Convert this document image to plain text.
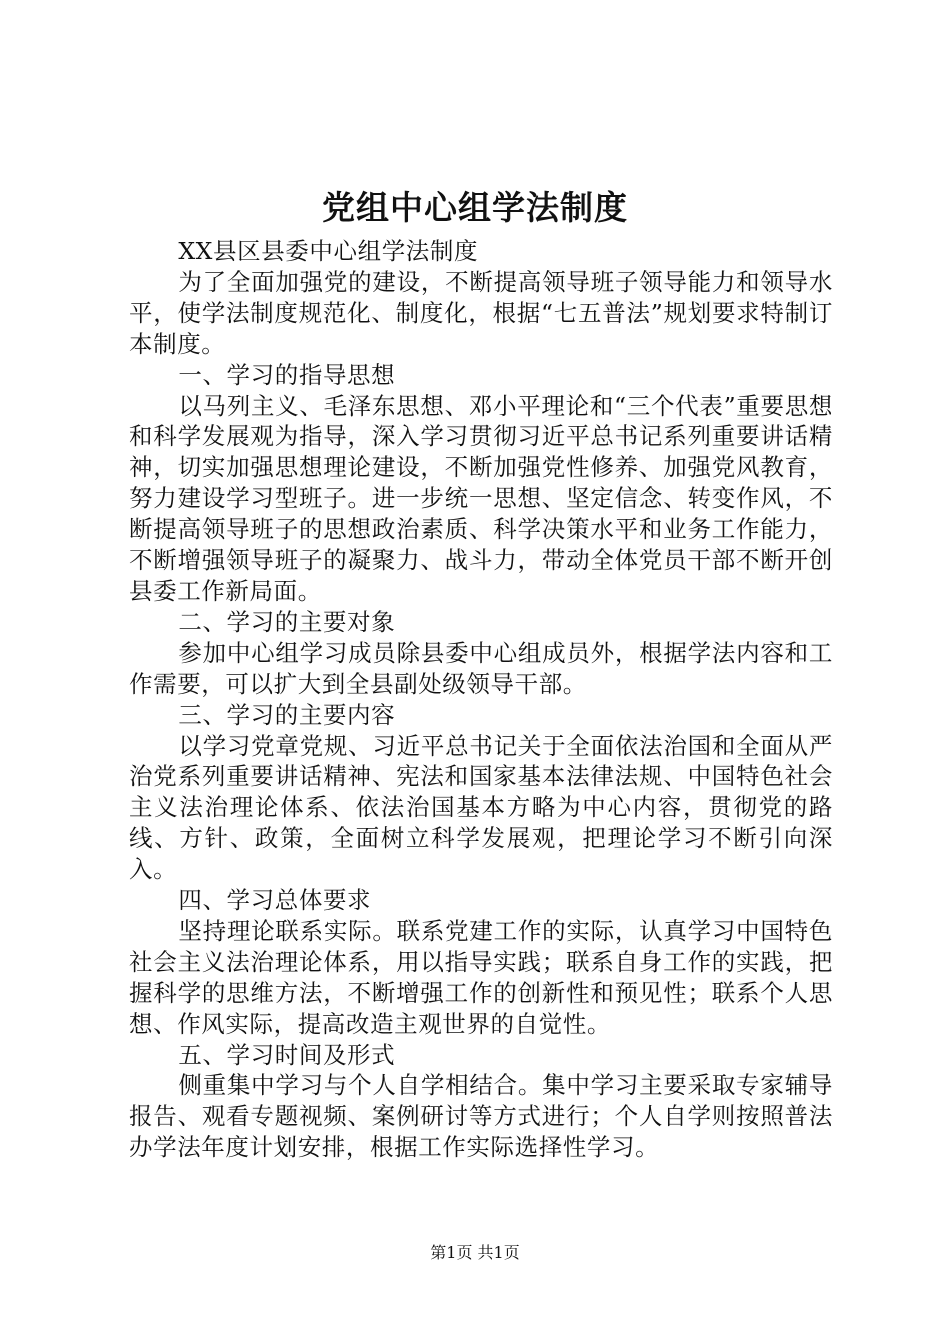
党组中心组学法制度

XX县区县委中心组学法制度

为了全面加强党的建设，不断提高领导班子领导能力和领导水平，使学法制度规范化、制度化，根据“七五普法”规划要求特制订本制度。

一、学习的指导思想

以马列主义、毛泽东思想、邓小平理论和“三个代表”重要思想和科学发展观为指导，深入学习贯彻习近平总书记系列重要讲话精神，切实加强思想理论建设，不断加强党性修养、加强党风教育，努力建设学习型班子。进一步统一思想、坚定信念、转变作风，不断提高领导班子的思想政治素质、科学决策水平和业务工作能力，不断增强领导班子的凝聚力、战斗力，带动全体党员干部不断开创县委工作新局面。

二、学习的主要对象

参加中心组学习成员除县委中心组成员外，根据学法内容和工作需要，可以扩大到全县副处级领导干部。

三、学习的主要内容

以学习党章党规、习近平总书记关于全面依法治国和全面从严治党系列重要讲话精神、宪法和国家基本法律法规、中国特色社会主义法治理论体系、依法治国基本方略为中心内容，贯彻党的路线、方针、政策，全面树立科学发展观，把理论学习不断引向深入。

四、学习总体要求

坚持理论联系实际。联系党建工作的实际，认真学习中国特色社会主义法治理论体系，用以指导实践；联系自身工作的实践，把握科学的思维方法，不断增强工作的创新性和预见性；联系个人思想、作风实际，提高改造主观世界的自觉性。

五、学习时间及形式

侧重集中学习与个人自学相结合。集中学习主要采取专家辅导报告、观看专题视频、案例研讨等方式进行；个人自学则按照普法办学法年度计划安排，根据工作实际选择性学习。

第1页 共1页
